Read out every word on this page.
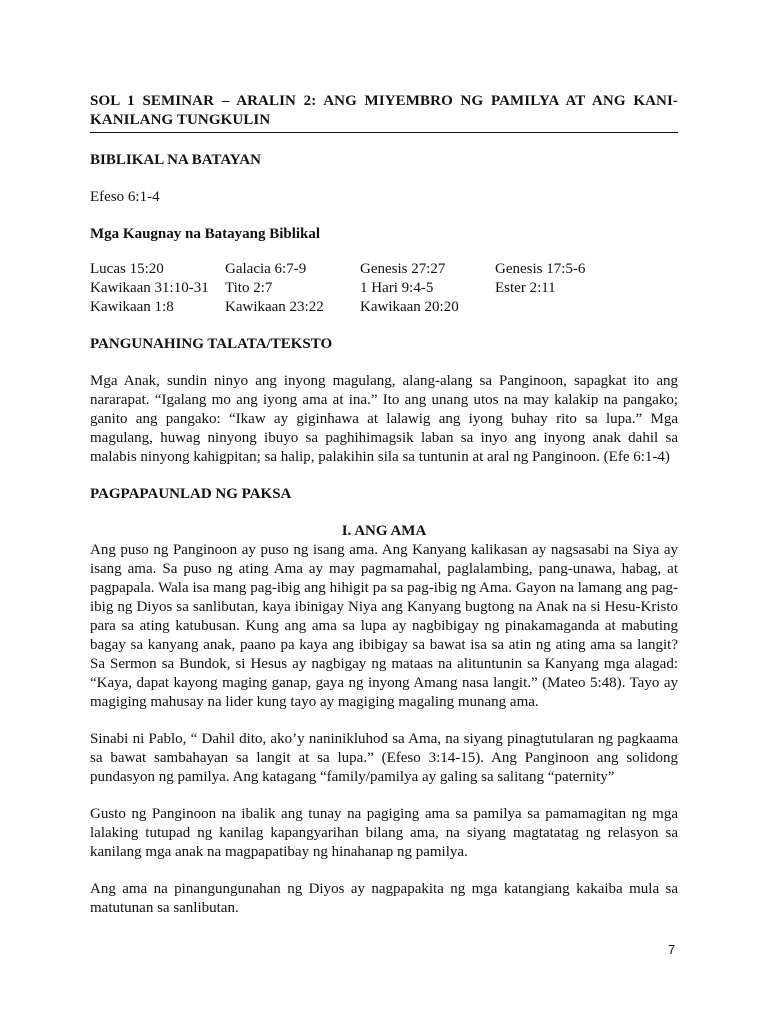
SOL 1 SEMINAR – ARALIN 2: ANG MIYEMBRO NG PAMILYA AT ANG KANI-KANILANG TUNGKULIN
BIBLIKAL NA BATAYAN

Efeso 6:1-4

Mga Kaugnay na Batayang Biblikal
Lucas 15:20	Galacia 6:7-9	Genesis 27:27	Genesis 17:5-6
Kawikaan 31:10-31	Tito 2:7	1 Hari 9:4-5	Ester 2:11
Kawikaan 1:8	Kawikaan 23:22	Kawikaan 20:20
PANGUNAHING TALATA/TEKSTO

Mga Anak, sundin ninyo ang inyong magulang, alang-alang sa Panginoon, sapagkat ito ang nararapat. “Igalang mo ang iyong ama at ina.” Ito ang unang utos na may kalakip na pangako; ganito ang pangako: “Ikaw ay giginhawa at lalawig ang iyong buhay rito sa lupa.” Mga magulang, huwag ninyong ibuyo sa paghihimagsik laban sa inyo ang inyong anak dahil sa malabis ninyong kahigpitan; sa halip, palakihin sila sa tuntunin at aral ng Panginoon. (Efe 6:1-4)

PAGPAPAUNLAD NG PAKSA
I. ANG AMA

Ang puso ng Panginoon ay puso ng isang ama. Ang Kanyang kalikasan ay nagsasabi na Siya ay isang ama. Sa puso ng ating Ama ay may pagmamahal, paglalambing, pang-unawa, habag, at pagpapala. Wala isa mang pag-ibig ang hihigit pa sa pag-ibig ng Ama. Gayon na lamang ang pag-ibig ng Diyos sa sanlibutan, kaya ibinigay Niya ang Kanyang bugtong na Anak na si Hesu-Kristo para sa ating katubusan. Kung ang ama sa lupa ay nagbibigay ng pinakamaganda at mabuting bagay sa kanyang anak, paano pa kaya ang ibibigay sa bawat isa sa atin ng ating ama sa langit? Sa Sermon sa Bundok, si Hesus ay nagbigay ng mataas na alituntunin sa Kanyang mga alagad: “Kaya, dapat kayong maging ganap, gaya ng inyong Amang nasa langit.” (Mateo 5:48). Tayo ay magiging mahusay na lider kung tayo ay magiging magaling munang ama.

Sinabi ni Pablo, “ Dahil dito, ako’y naninikluhod sa Ama, na siyang pinagtutularan ng pagkaama sa bawat sambahayan sa langit at sa lupa.” (Efeso 3:14-15). Ang Panginoon ang solidong pundasyon ng pamilya. Ang katagang “family/pamilya ay galing sa salitang “paternity”

Gusto ng Panginoon na ibalik ang tunay na pagiging ama sa pamilya sa pamamagitan ng mga lalaking tutupad ng kanilag kapangyarihan bilang ama, na siyang magtatatag ng relasyon sa kanilang mga anak na magpapatibay ng hinahanap ng pamilya.

Ang ama na pinangungunahan ng Diyos ay nagpapakita ng mga katangiang kakaiba mula sa matutunan sa sanlibutan.

7
